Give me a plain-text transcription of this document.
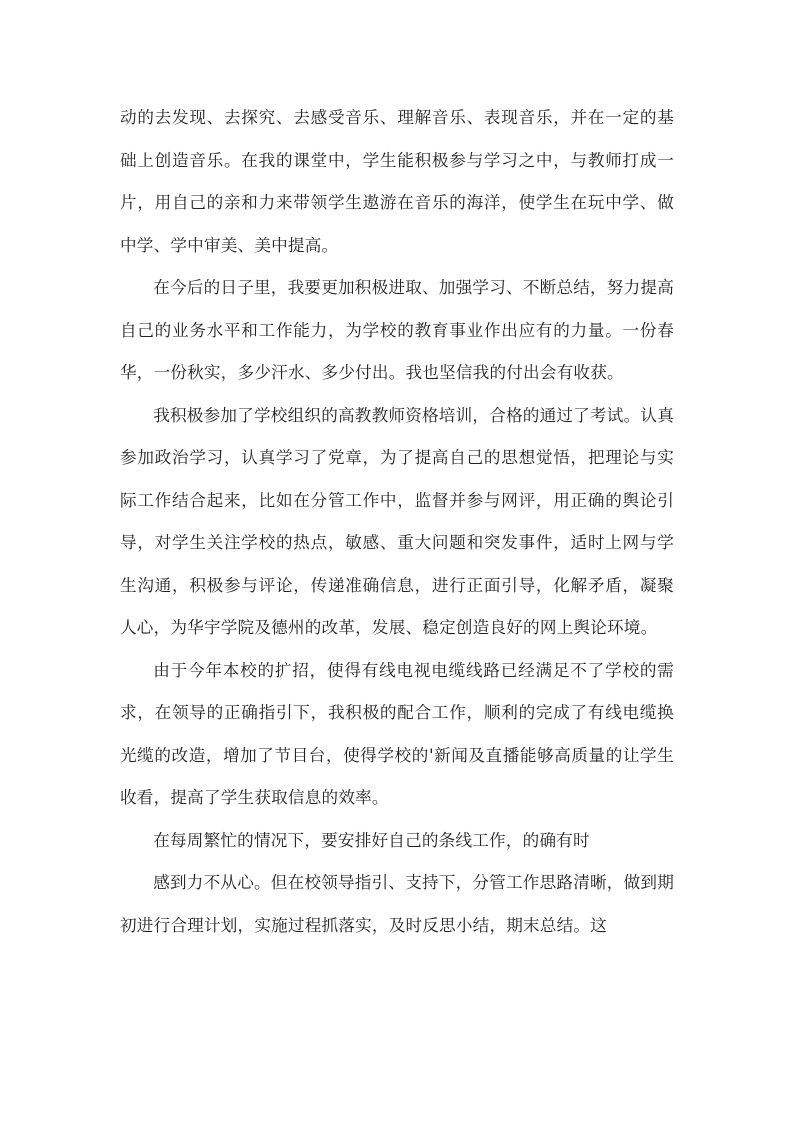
动的去发现、去探究、去感受音乐、理解音乐、表现音乐，并在一定的基础上创造音乐。在我的课堂中，学生能积极参与学习之中，与教师打成一片，用自己的亲和力来带领学生遨游在音乐的海洋，使学生在玩中学、做中学、学中审美、美中提高。

在今后的日子里，我要更加积极进取、加强学习、不断总结，努力提高自己的业务水平和工作能力，为学校的教育事业作出应有的力量。一份春华，一份秋实，多少汗水、多少付出。我也坚信我的付出会有收获。

我积极参加了学校组织的高教教师资格培训，合格的通过了考试。认真参加政治学习，认真学习了党章，为了提高自己的思想觉悟，把理论与实际工作结合起来，比如在分管工作中，监督并参与网评，用正确的舆论引导，对学生关注学校的热点，敏感、重大问题和突发事件，适时上网与学生沟通，积极参与评论，传递准确信息，进行正面引导，化解矛盾，凝聚人心，为华宇学院及德州的改革，发展、稳定创造良好的网上舆论环境。

由于今年本校的扩招，使得有线电视电缆线路已经满足不了学校的需求，在领导的正确指引下，我积极的配合工作，顺利的完成了有线电缆换光缆的改造，增加了节目台，使得学校的'新闻及直播能够高质量的让学生收看，提高了学生获取信息的效率。

在每周繁忙的情况下，要安排好自己的条线工作，的确有时

感到力不从心。但在校领导指引、支持下，分管工作思路清晰，做到期初进行合理计划，实施过程抓落实，及时反思小结，期末总结。这
